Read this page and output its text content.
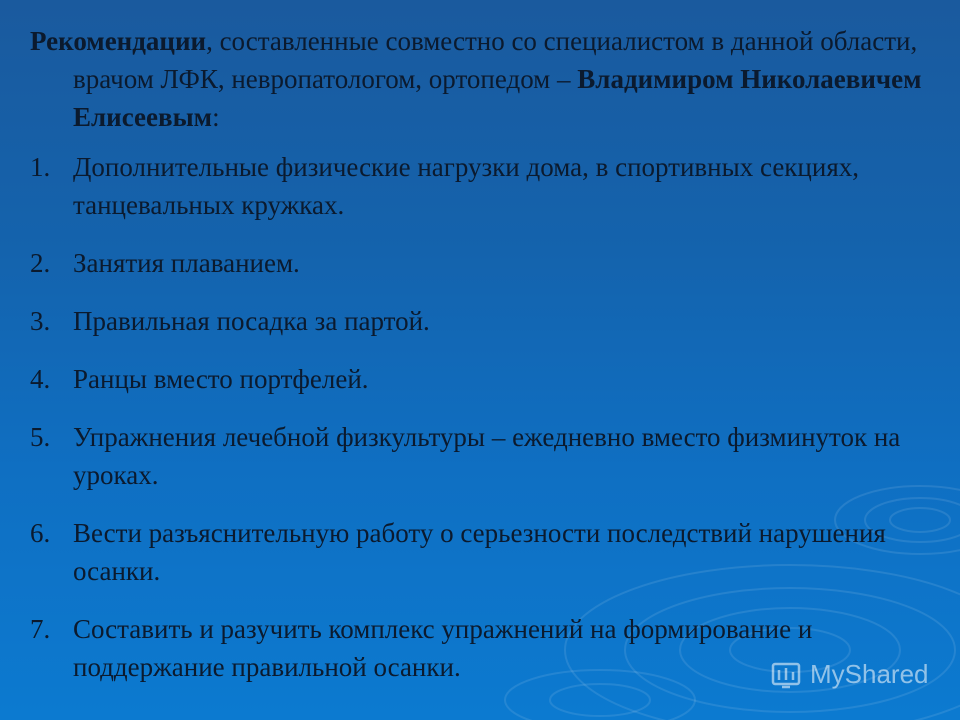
Рекомендации, составленные совместно со специалистом в данной области, врачом ЛФК, невропатологом, ортопедом – Владимиром Николаевичем Елисеевым:

1. Дополнительные физические нагрузки дома, в спортивных секциях, танцевальных кружках.
2. Занятия плаванием.
3. Правильная посадка за партой.
4. Ранцы вместо портфелей.
5. Упражнения лечебной физкультуры – ежедневно вместо физминуток на уроках.
6. Вести разъяснительную работу о серьезности последствий нарушения осанки.
7. Составить и разучить комплекс упражнений на формирование и поддержание правильной осанки.	MyShared
